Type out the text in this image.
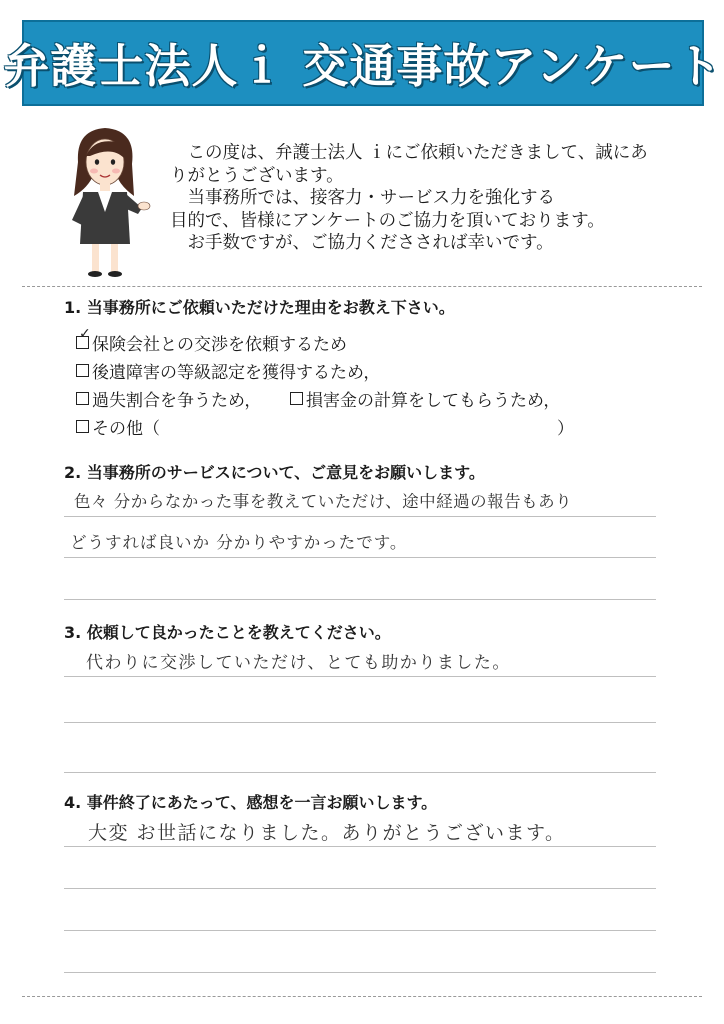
弁護士法人ｉ 交通事故アンケート
　この度は、弁護士法人 ｉにご依頼いただきまして、誠にあ
りがとうございます。
　当事務所では、接客力・サービス力を強化する
目的で、皆様にアンケートのご協力を頂いております。
　お手数ですが、ご協力くださされば幸いです。
1. 当事務所にご依頼いただけた理由をお教え下さい。
✓
保険会社との交渉を依頼するため
後遺障害の等級認定を獲得するため，
過失割合を争うため，	損害金の計算をしてもらうため，
その他（	）
2. 当事務所のサービスについて、ご意見をお願いします。
色々 分からなかった事を教えていただけ、途中経過の報告もあり
どうすれば良いか 分かりやすかったです。
3. 依頼して良かったことを教えてください。
代わりに交渉していただけ、とても助かりました。
4. 事件終了にあたって、感想を一言お願いします。
大変 お世話になりました。ありがとうございます。
